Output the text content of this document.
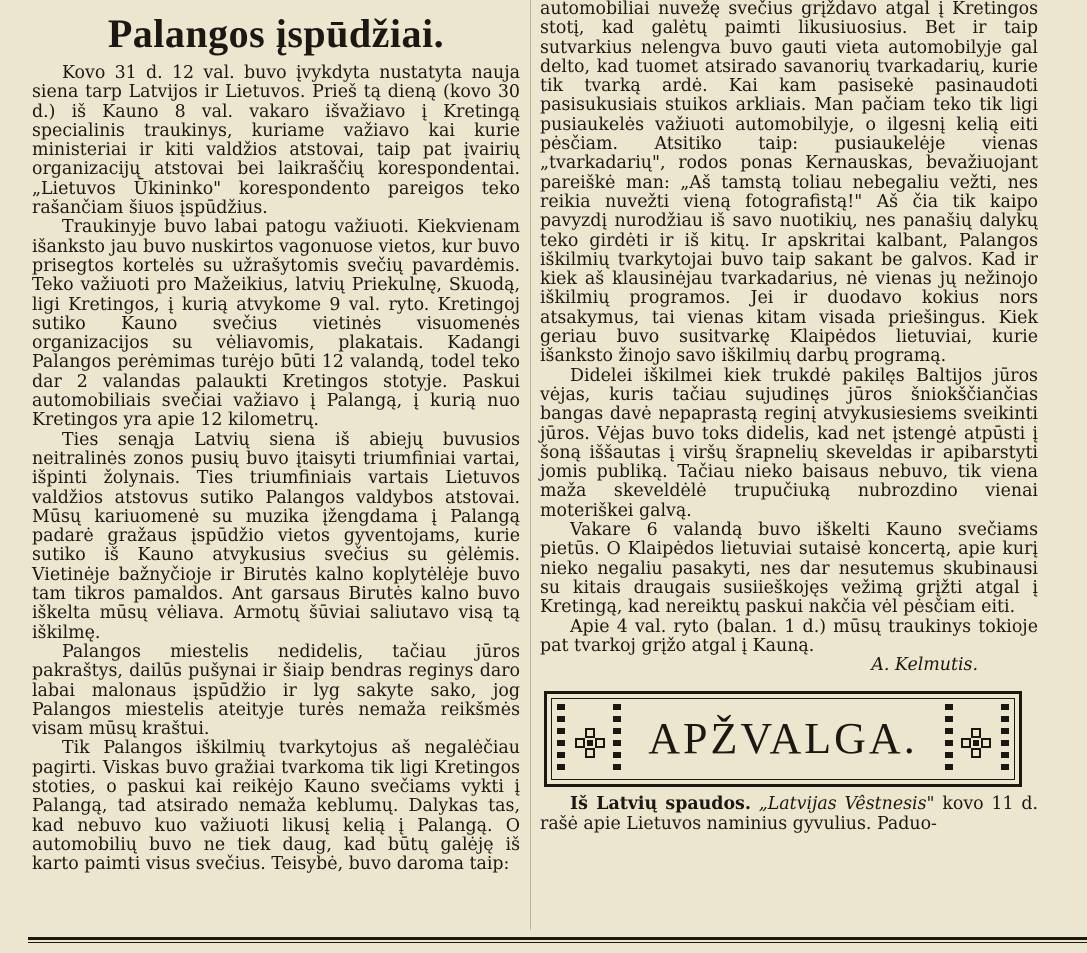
Palangos įspūdžiai.

Kovo 31 d. 12 val. buvo įvykdyta nustatyta nauja siena tarp Latvijos ir Lietuvos. Prieš tą dieną (kovo 30 d.) iš Kauno 8 val. vakaro išvažiavo į Kretingą specialinis traukinys, kuriame važiavo kai kurie ministeriai ir kiti valdžios atstovai, taip pat įvairių organizacijų atstovai bei laikraščių korespondentai. „Lietuvos Ūkininko" korespondento pareigos teko rašančiam šiuos įspūdžius.

Traukinyje buvo labai patogu važiuoti. Kiekvienam išanksto jau buvo nuskirtos vagonuose vietos, kur buvo prisegtos kortelės su užrašytomis svečių pavardėmis. Teko važiuoti pro Mažeikius, latvių Priekulnę, Skuodą, ligi Kretingos, į kurią atvykome 9 val. ryto. Kretingoj sutiko Kauno svečius vietinės visuomenės organizacijos su vėliavomis, plakatais. Kadangi Palangos perėmimas turėjo būti 12 valandą, todel teko dar 2 valandas palaukti Kretingos stotyje. Paskui automobiliais svečiai važiavo į Palangą, į kurią nuo Kretingos yra apie 12 kilometrų.

Ties senąja Latvių siena iš abiejų buvusios neitralinės zonos pusių buvo įtaisyti triumfiniai vartai, išpinti žolynais. Ties triumfiniais vartais Lietuvos valdžios atstovus sutiko Palangos valdybos atstovai. Mūsų kariuomenė su muzika įžengdama į Palangą padarė gražaus įspūdžio vietos gyventojams, kurie sutiko iš Kauno atvykusius svečius su gėlėmis. Vietinėje bažnyčioje ir Birutės kalno koplytėlėje buvo tam tikros pamaldos. Ant garsaus Birutės kalno buvo iškelta mūsų vėliava. Armotų šūviai saliutavo visą tą iškilmę.

Palangos miestelis nedidelis, tačiau jūros pakraštys, dailūs pušynai ir šiaip bendras reginys daro labai malonaus įspūdžio ir lyg sakyte sako, jog Palangos miestelis ateityje turės nemaža reikšmės visam mūsų kraštui.

Tik Palangos iškilmių tvarkytojus aš negalėčiau pagirti. Viskas buvo gražiai tvarkoma tik ligi Kretingos stoties, o paskui kai reikėjo Kauno svečiams vykti į Palangą, tad atsirado nemaža keblumų. Dalykas tas, kad nebuvo kuo važiuoti likusį kelią į Palangą. O automobilių buvo ne tiek daug, kad būtų galėję iš karto paimti visus svečius. Teisybė, buvo daroma taip:

automobiliai nuvežę svečius grįždavo atgal į Kretingos stotį, kad galėtų paimti likusiuosius. Bet ir taip sutvarkius nelengva buvo gauti vieta automobilyje gal delto, kad tuomet atsirado savanorių tvarkadarių, kurie tik tvarką ardė. Kai kam pasisekė pasinaudoti pasisukusiais stuikos arkliais. Man pačiam teko tik ligi pusiaukelės važiuoti automobilyje, o ilgesnį kelią eiti pėsčiam. Atsitiko taip: pusiaukelėje vienas „tvarkadarių", rodos ponas Kernauskas, bevažiuojant pareiškė man: „Aš tamstą toliau nebegaliu vežti, nes reikia nuvežti vieną fotografistą!" Aš čia tik kaipo pavyzdį nurodžiau iš savo nuotikių, nes panašių dalykų teko girdėti ir iš kitų. Ir apskritai kalbant, Palangos iškilmių tvarkytojai buvo taip sakant be galvos. Kad ir kiek aš klausinėjau tvarkadarius, nė vienas jų nežinojo iškilmių programos. Jei ir duodavo kokius nors atsakymus, tai vienas kitam visada priešingus. Kiek geriau buvo susitvarkę Klaipėdos lietuviai, kurie išanksto žinojo savo iškilmių darbų programą.

Didelei iškilmei kiek trukdė pakilęs Baltijos jūros vėjas, kuris tačiau sujudinęs jūros šniokščiančias bangas davė nepaprastą reginį atvykusiesiems sveikinti jūros. Vėjas buvo toks didelis, kad net įstengė atpūsti į šoną iššautas į viršų šrapnelių skeveldas ir apibarstyti jomis publiką. Tačiau nieko baisaus nebuvo, tik viena maža skeveldėlė trupučiuką nubrozdino vienai moteriškei galvą.

Vakare 6 valandą buvo iškelti Kauno svečiams pietūs. O Klaipėdos lietuviai sutaisė koncertą, apie kurį nieko negaliu pasakyti, nes dar nesutemus skubinausi su kitais draugais susiieškojęs vežimą grįžti atgal į Kretingą, kad nereiktų paskui nakčia vėl pėsčiam eiti.

Apie 4 val. ryto (balan. 1 d.) mūsų traukinys tokioje pat tvarkoj grįžo atgal į Kauną.

A. Kelmutis.

APŽVALGA.

Iš Latvių spaudos. „Latvijas Vêstnesis" kovo 11 d. rašė apie Lietuvos naminius gyvulius. Paduo-
